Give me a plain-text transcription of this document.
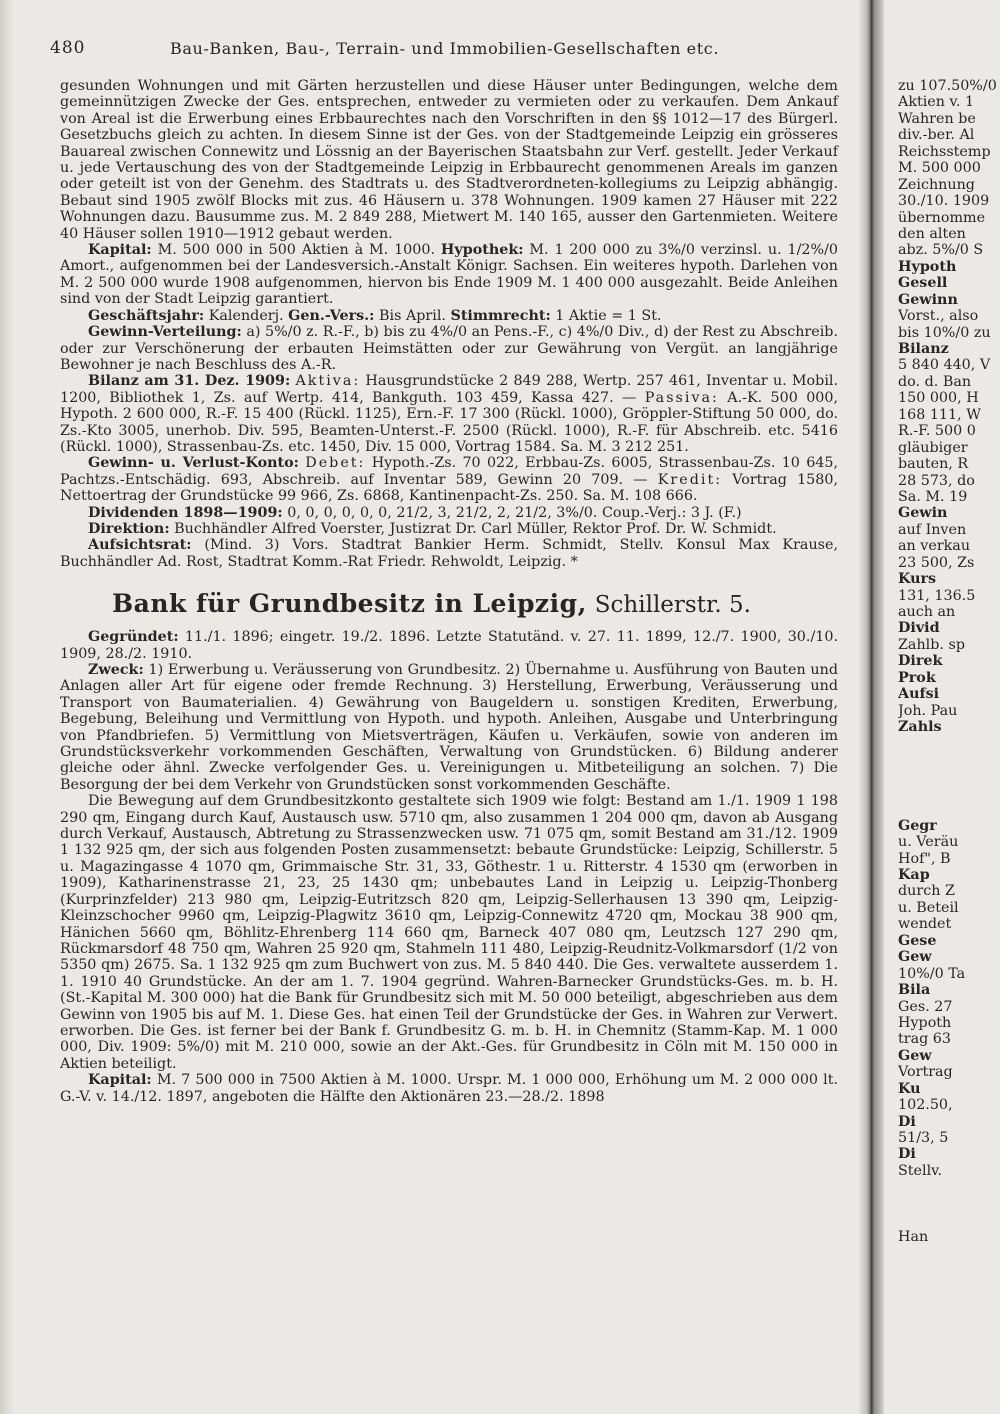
480	Bau-Banken, Bau-, Terrain- und Immobilien-Gesellschaften etc.

gesunden Wohnungen und mit Gärten herzustellen und diese Häuser unter Bedingungen, welche dem gemeinnützigen Zwecke der Ges. entsprechen, entweder zu vermieten oder zu verkaufen. Dem Ankauf von Areal ist die Erwerbung eines Erbbaurechtes nach den Vorschriften in den §§ 1012—17 des Bürgerl. Gesetzbuchs gleich zu achten. In diesem Sinne ist der Ges. von der Stadtgemeinde Leipzig ein grösseres Bauareal zwischen Connewitz und Lössnig an der Bayerischen Staatsbahn zur Verf. gestellt. Jeder Verkauf u. jede Vertauschung des von der Stadtgemeinde Leipzig in Erbbaurecht genommenen Areals im ganzen oder geteilt ist von der Genehm. des Stadtrats u. des Stadtverordneten-kollegiums zu Leipzig abhängig. Bebaut sind 1905 zwölf Blocks mit zus. 46 Häusern u. 378 Wohnungen. 1909 kamen 27 Häuser mit 222 Wohnungen dazu. Bausumme zus. M. 2 849 288, Mietwert M. 140 165, ausser den Gartenmieten. Weitere 40 Häuser sollen 1910—1912 gebaut werden.

Kapital: M. 500 000 in 500 Aktien à M. 1000. Hypothek: M. 1 200 000 zu 3%/0 verzinsl. u. 1/2%/0 Amort., aufgenommen bei der Landesversich.-Anstalt Königr. Sachsen. Ein weiteres hypoth. Darlehen von M. 2 500 000 wurde 1908 aufgenommen, hiervon bis Ende 1909 M. 1 400 000 ausgezahlt. Beide Anleihen sind von der Stadt Leipzig garantiert.

Geschäftsjahr: Kalenderj. Gen.-Vers.: Bis April. Stimmrecht: 1 Aktie = 1 St.

Gewinn-Verteilung: a) 5%/0 z. R.-F., b) bis zu 4%/0 an Pens.-F., c) 4%/0 Div., d) der Rest zu Abschreib. oder zur Verschönerung der erbauten Heimstätten oder zur Gewährung von Vergüt. an langjährige Bewohner je nach Beschluss des A.-R.

Bilanz am 31. Dez. 1909: Aktiva: Hausgrundstücke 2 849 288, Wertp. 257 461, Inventar u. Mobil. 1200, Bibliothek 1, Zs. auf Wertp. 414, Bankguth. 103 459, Kassa 427. — Passiva: A.-K. 500 000, Hypoth. 2 600 000, R.-F. 15 400 (Rückl. 1125), Ern.-F. 17 300 (Rückl. 1000), Gröppler-Stiftung 50 000, do. Zs.-Kto 3005, unerhob. Div. 595, Beamten-Unterst.-F. 2500 (Rückl. 1000), R.-F. für Abschreib. etc. 5416 (Rückl. 1000), Strassenbau-Zs. etc. 1450, Div. 15 000, Vortrag 1584. Sa. M. 3 212 251.

Gewinn- u. Verlust-Konto: Debet: Hypoth.-Zs. 70 022, Erbbau-Zs. 6005, Strassenbau-Zs. 10 645, Pachtzs.-Entschädig. 693, Abschreib. auf Inventar 589, Gewinn 20 709. — Kredit: Vortrag 1580, Nettoertrag der Grundstücke 99 966, Zs. 6868, Kantinenpacht-Zs. 250. Sa. M. 108 666.

Dividenden 1898—1909: 0, 0, 0, 0, 0, 0, 21/2, 3, 21/2, 2, 21/2, 3%/0. Coup.-Verj.: 3 J. (F.)

Direktion: Buchhändler Alfred Voerster, Justizrat Dr. Carl Müller, Rektor Prof. Dr. W. Schmidt.

Aufsichtsrat: (Mind. 3) Vors. Stadtrat Bankier Herm. Schmidt, Stellv. Konsul Max Krause, Buchhändler Ad. Rost, Stadtrat Komm.-Rat Friedr. Rehwoldt, Leipzig. *

Bank für Grundbesitz in Leipzig, Schillerstr. 5.

Gegründet: 11./1. 1896; eingetr. 19./2. 1896. Letzte Statutänd. v. 27. 11. 1899, 12./7. 1900, 30./10. 1909, 28./2. 1910.

Zweck: 1) Erwerbung u. Veräusserung von Grundbesitz. 2) Übernahme u. Ausführung von Bauten und Anlagen aller Art für eigene oder fremde Rechnung. 3) Herstellung, Erwerbung, Veräusserung und Transport von Baumaterialien. 4) Gewährung von Baugeldern u. sonstigen Krediten, Erwerbung, Begebung, Beleihung und Vermittlung von Hypoth. und hypoth. Anleihen, Ausgabe und Unterbringung von Pfandbriefen. 5) Vermittlung von Mietsverträgen, Käufen u. Verkäufen, sowie von anderen im Grundstücksverkehr vorkommenden Geschäften, Verwaltung von Grundstücken. 6) Bildung anderer gleiche oder ähnl. Zwecke verfolgender Ges. u. Vereinigungen u. Mitbeteiligung an solchen. 7) Die Besorgung der bei dem Verkehr von Grundstücken sonst vorkommenden Geschäfte.

Die Bewegung auf dem Grundbesitzkonto gestaltete sich 1909 wie folgt: Bestand am 1./1. 1909 1 198 290 qm, Eingang durch Kauf, Austausch usw. 5710 qm, also zusammen 1 204 000 qm, davon ab Ausgang durch Verkauf, Austausch, Abtretung zu Strassenzwecken usw. 71 075 qm, somit Bestand am 31./12. 1909 1 132 925 qm, der sich aus folgenden Posten zusammensetzt: bebaute Grundstücke: Leipzig, Schillerstr. 5 u. Magazingasse 4 1070 qm, Grimmaische Str. 31, 33, Göthestr. 1 u. Ritterstr. 4 1530 qm (erworben in 1909), Katharinenstrasse 21, 23, 25 1430 qm; unbebautes Land in Leipzig u. Leipzig-Thonberg (Kurprinzfelder) 213 980 qm, Leipzig-Eutritzsch 820 qm, Leipzig-Sellerhausen 13 390 qm, Leipzig-Kleinzschocher 9960 qm, Leipzig-Plagwitz 3610 qm, Leipzig-Connewitz 4720 qm, Mockau 38 900 qm, Hänichen 5660 qm, Böhlitz-Ehrenberg 114 660 qm, Barneck 407 080 qm, Leutzsch 127 290 qm, Rückmarsdorf 48 750 qm, Wahren 25 920 qm, Stahmeln 111 480, Leipzig-Reudnitz-Volkmarsdorf (1/2 von 5350 qm) 2675. Sa. 1 132 925 qm zum Buchwert von zus. M. 5 840 440. Die Ges. verwaltete ausserdem 1. 1. 1910 40 Grundstücke. An der am 1. 7. 1904 gegründ. Wahren-Barnecker Grundstücks-Ges. m. b. H. (St.-Kapital M. 300 000) hat die Bank für Grundbesitz sich mit M. 50 000 beteiligt, abgeschrieben aus dem Gewinn von 1905 bis auf M. 1. Diese Ges. hat einen Teil der Grundstücke der Ges. in Wahren zur Verwert. erworben. Die Ges. ist ferner bei der Bank f. Grundbesitz G. m. b. H. in Chemnitz (Stamm-Kap. M. 1 000 000, Div. 1909: 5%/0) mit M. 210 000, sowie an der Akt.-Ges. für Grundbesitz in Cöln mit M. 150 000 in Aktien beteiligt.

Kapital: M. 7 500 000 in 7500 Aktien à M. 1000. Urspr. M. 1 000 000, Erhöhung um M. 2 000 000 lt. G.-V. v. 14./12. 1897, angeboten die Hälfte den Aktionären 23.—28./2. 1898

zu 107.50%/0
Aktien v. 1
Wahren be
div.-ber. Al
Reichsstemp
M. 500 000
Zeichnung
30./10. 1909
übernomme
den alten
abz. 5%/0 S
Hypoth
Gesell
Gewinn
Vorst., also
bis 10%/0 zu
Bilanz
5 840 440, V
do. d. Ban
150 000, H
168 111, W
R.-F. 500 0
gläubiger
bauten, R
28 573, do
Sa. M. 19
Gewin
auf Inven
an verkau
23 500, Zs
Kurs
131, 136.5
auch an
Divid
Zahlb. sp
Direk
Prok
Aufsi
Joh. Pau
Zahls
Gegr
u. Veräu
Hof", B
Kap
durch Z
u. Beteil
wendet
Gese
Gew
10%/0 Ta
Bila
Ges. 27
Hypoth
trag 63
Gew
Vortrag
Ku
102.50,
Di
51/3, 5
Di
Stellv.
Han
